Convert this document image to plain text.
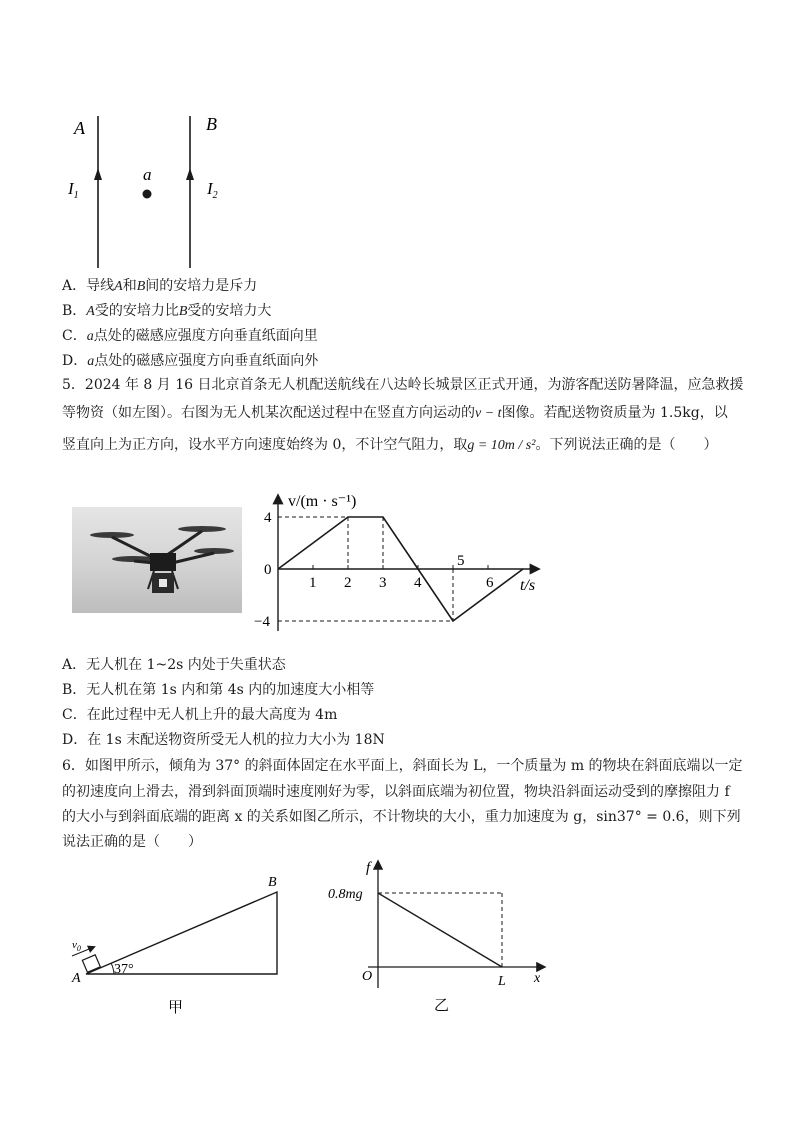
A	B
a
$I_1$	$I_2$
A．导线A和B间的安培力是斥力
B．A受的安培力比B受的安培力大
C．a点处的磁感应强度方向垂直纸面向里
D．a点处的磁感应强度方向垂直纸面向外
5．2024 年 8 月 16 日北京首条无人机配送航线在八达岭长城景区正式开通，为游客配送防暑降温，应急救援
等物资（如左图）。右图为无人机某次配送过程中在竖直方向运动的v − t图像。若配送物资质量为 1.5kg，以
竖直向上为正方向，设水平方向速度始终为 0，不计空气阻力，取g = 10m / s²。下列说法正确的是（　　）
v/(m · s⁻¹)
t/s
1 2 3 4
5
6
4
0
−4
A．无人机在 1~2s 内处于失重状态
B．无人机在第 1s 内和第 4s 内的加速度大小相等
C．在此过程中无人机上升的最大高度为 4m
D．在 1s 末配送物资所受无人机的拉力大小为 18N
6．如图甲所示，倾角为 37° 的斜面体固定在水平面上，斜面长为 L，一个质量为 m 的物块在斜面底端以一定
的初速度向上滑去，滑到斜面顶端时速度刚好为零，以斜面底端为初位置，物块沿斜面运动受到的摩擦阻力 f
的大小与到斜面底端的距离 x 的关系如图乙所示，不计物块的大小，重力加速度为 g，sin37° = 0.6，则下列
说法正确的是（　　）
$v_0$
37°
A
B
甲
f
0.8mg
O	L x
乙
